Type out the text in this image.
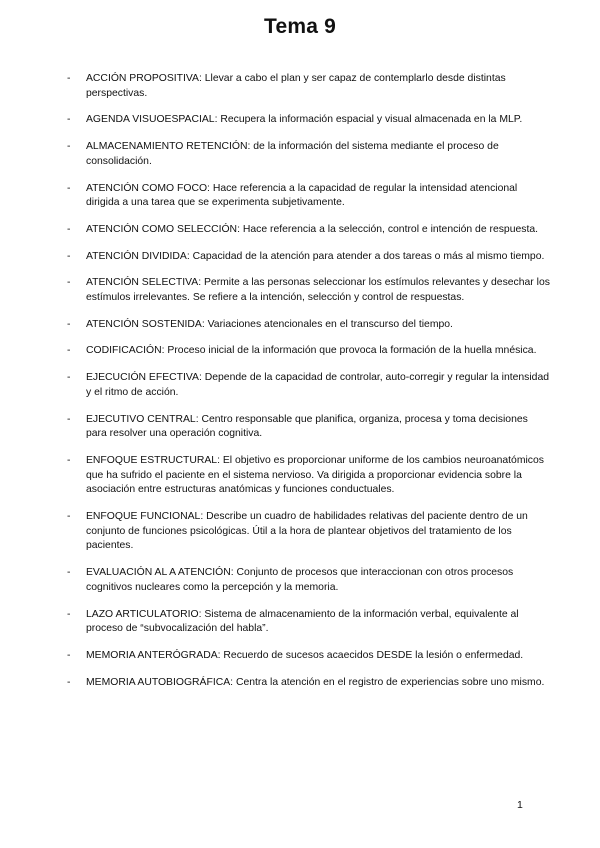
Tema 9
- ACCIÓN PROPOSITIVA: Llevar a cabo el plan y ser capaz de contemplarlo desde distintas perspectivas.
- AGENDA VISUOESPACIAL: Recupera la información espacial y visual almacenada en la MLP.
- ALMACENAMIENTO RETENCIÓN: de la información del sistema mediante el proceso de consolidación.
- ATENCIÓN COMO FOCO: Hace referencia a la capacidad de regular la intensidad atencional dirigida a una tarea que se experimenta subjetivamente.
- ATENCIÓN COMO SELECCIÓN: Hace referencia a la selección, control e intención de respuesta.
- ATENCIÓN DIVIDIDA: Capacidad de la atención para atender a dos tareas o más al mismo tiempo.
- ATENCIÓN SELECTIVA: Permite a las personas seleccionar los estímulos relevantes y desechar los estímulos irrelevantes. Se refiere a la intención, selección y control de respuestas.
- ATENCIÓN SOSTENIDA: Variaciones atencionales en el transcurso del tiempo.
- CODIFICACIÓN: Proceso inicial de la información que provoca la formación de la huella mnésica.
- EJECUCIÓN EFECTIVA: Depende de la capacidad de controlar, auto-corregir y regular la intensidad y el ritmo de acción.
- EJECUTIVO CENTRAL: Centro responsable que planifica, organiza, procesa y toma decisiones para resolver una operación cognitiva.
- ENFOQUE ESTRUCTURAL: El objetivo es proporcionar uniforme de los cambios neuroanatómicos que ha sufrido el paciente en el sistema nervioso. Va dirigida a proporcionar evidencia sobre la asociación entre estructuras anatómicas y funciones conductuales.
- ENFOQUE FUNCIONAL: Describe un cuadro de habilidades relativas del paciente dentro de un conjunto de funciones psicológicas. Útil a la hora de plantear objetivos del tratamiento de los pacientes.
- EVALUACIÓN AL A ATENCIÓN: Conjunto de procesos que interaccionan con otros procesos cognitivos nucleares como la percepción y la memoria.
- LAZO ARTICULATORIO: Sistema de almacenamiento de la información verbal, equivalente al proceso de “subvocalización del habla”.
- MEMORIA ANTERÓGRADA: Recuerdo de sucesos acaecidos DESDE la lesión o enfermedad.
- MEMORIA AUTOBIOGRÁFICA: Centra la atención en el registro de experiencias sobre uno mismo.
1
